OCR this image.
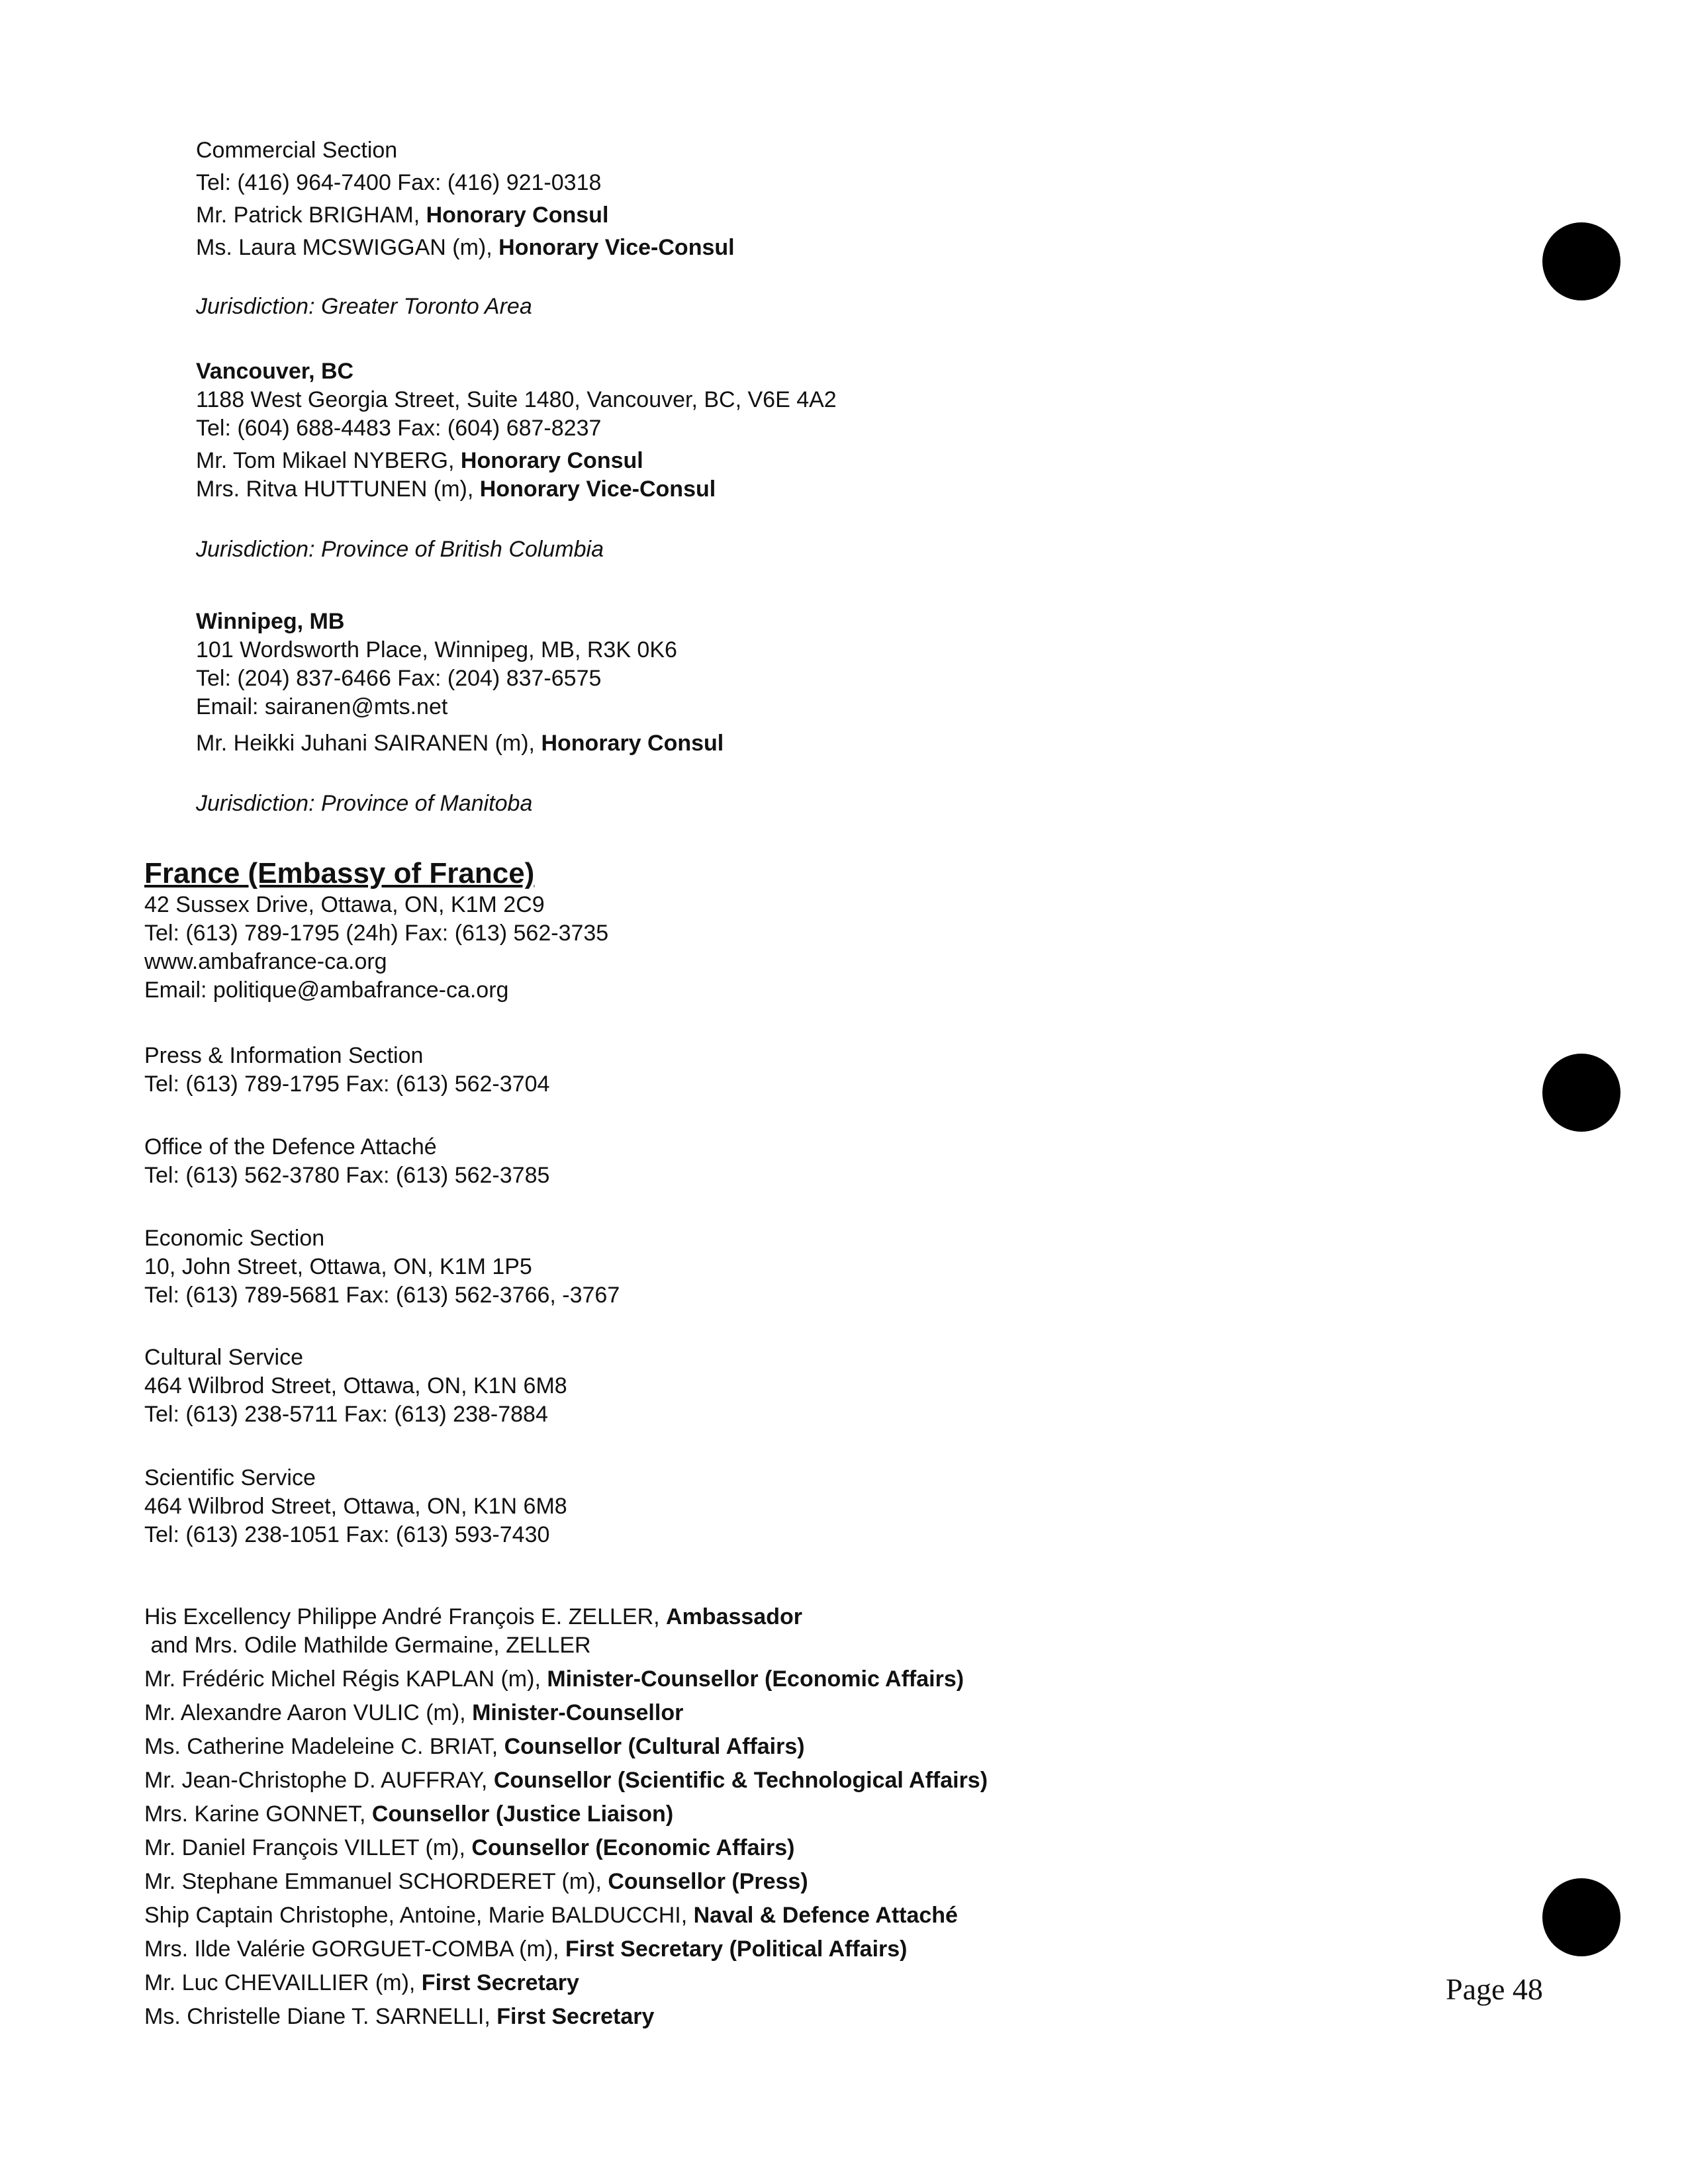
Commercial Section
Tel: (416) 964-7400 Fax: (416) 921-0318
Mr. Patrick BRIGHAM, Honorary Consul
Ms. Laura MCSWIGGAN (m), Honorary Vice-Consul
Jurisdiction: Greater Toronto Area
Vancouver, BC
1188 West Georgia Street, Suite 1480, Vancouver, BC, V6E 4A2
Tel: (604) 688-4483 Fax: (604) 687-8237
Mr. Tom Mikael NYBERG, Honorary Consul
Mrs. Ritva HUTTUNEN (m), Honorary Vice-Consul
Jurisdiction: Province of British Columbia
Winnipeg, MB
101 Wordsworth Place, Winnipeg, MB, R3K 0K6
Tel: (204) 837-6466 Fax: (204) 837-6575
Email: sairanen@mts.net
Mr. Heikki Juhani SAIRANEN (m), Honorary Consul
Jurisdiction: Province of Manitoba
France (Embassy of France)
42 Sussex Drive, Ottawa, ON, K1M 2C9
Tel: (613) 789-1795 (24h) Fax: (613) 562-3735
www.ambafrance-ca.org
Email: politique@ambafrance-ca.org
Press & Information Section
Tel: (613) 789-1795 Fax: (613) 562-3704
Office of the Defence Attaché
Tel: (613) 562-3780 Fax: (613) 562-3785
Economic Section
10, John Street, Ottawa, ON, K1M 1P5
Tel: (613) 789-5681 Fax: (613) 562-3766, -3767
Cultural Service
464 Wilbrod Street, Ottawa, ON, K1N 6M8
Tel: (613) 238-5711 Fax: (613) 238-7884
Scientific Service
464 Wilbrod Street, Ottawa, ON, K1N 6M8
Tel: (613) 238-1051 Fax: (613) 593-7430
His Excellency Philippe André François E. ZELLER, Ambassador
and Mrs. Odile Mathilde Germaine, ZELLER
Mr. Frédéric Michel Régis KAPLAN (m), Minister-Counsellor (Economic Affairs)
Mr. Alexandre Aaron VULIC (m), Minister-Counsellor
Ms. Catherine Madeleine C. BRIAT, Counsellor (Cultural Affairs)
Mr. Jean-Christophe D. AUFFRAY, Counsellor (Scientific & Technological Affairs)
Mrs. Karine GONNET, Counsellor (Justice Liaison)
Mr. Daniel François VILLET (m), Counsellor (Economic Affairs)
Mr. Stephane Emmanuel SCHORDERET (m), Counsellor (Press)
Ship Captain Christophe, Antoine, Marie BALDUCCHI, Naval & Defence Attaché
Mrs. Ilde Valérie GORGUET-COMBA (m), First Secretary (Political Affairs)
Mr. Luc CHEVAILLIER (m), First Secretary
Ms. Christelle Diane T. SARNELLI, First Secretary
Page 48
